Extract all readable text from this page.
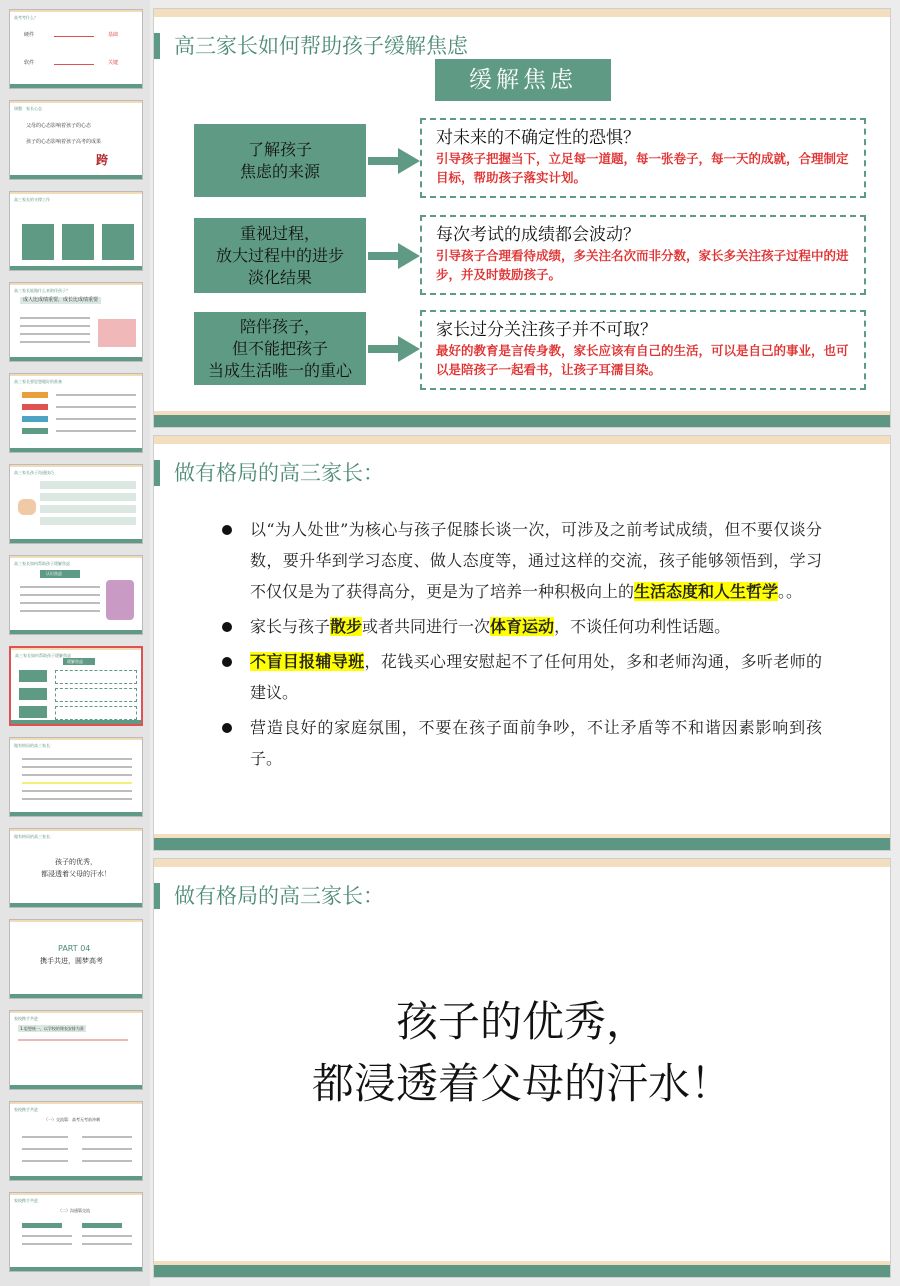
高考考什么？
硬件
软件
基础
关键
调整：家长心态
父母的心态影响着孩子的心态
孩子的心态影响着孩子高考的成果
跨
高三家长的支撑工作
高三家长能做什么来陪伴孩子？
成人比成绩重要，成长比成绩重要
高三家长要思想做好的准备
高三家长孩子沟通技巧
高三家长如何帮助孩子缓解焦虑
认识焦虑
高三家长如何帮助孩子缓解焦虑
缓解焦虑
做有格局的高三家长：
做有格局的高三家长：
孩子的优秀，
都浸透着父母的汗水！
PART 04
携手共进，圆梦高考
家校携手共进
1.思想统一，以学校的课表安排为准
家校携手共进
（一）交流篇：高考无考前冲刺
家校携手共进
（二）沟通篇交流
高三家长如何帮助孩子缓解焦虑
缓解焦虑
了解孩子
焦虑的来源
对未来的不确定性的恐惧？
引导孩子把握当下，立足每一道题，每一张卷子，每一天的成就，合理制定目标，帮助孩子落实计划。
重视过程，
放大过程中的进步
淡化结果
每次考试的成绩都会波动？
引导孩子合理看待成绩，多关注名次而非分数，家长多关注孩子过程中的进步，并及时鼓励孩子。
陪伴孩子，
但不能把孩子
当成生活唯一的重心
家长过分关注孩子并不可取？
最好的教育是言传身教，家长应该有自己的生活，可以是自己的事业，也可以是陪孩子一起看书，让孩子耳濡目染。
做有格局的高三家长：
以“为人处世”为核心与孩子促膝长谈一次，可涉及之前考试成绩，但不要仅谈分数，要升华到学习态度、做人态度等，通过这样的交流，孩子能够领悟到，学习不仅仅是为了获得高分，更是为了培养一种积极向上的生活态度和人生哲学。。
家长与孩子散步或者共同进行一次体育运动，不谈任何功利性话题。
不盲目报辅导班，花钱买心理安慰起不了任何用处，多和老师沟通，多听老师的建议。
营造良好的家庭氛围，不要在孩子面前争吵，不让矛盾等不和谐因素影响到孩子。
做有格局的高三家长：
孩子的优秀，
都浸透着父母的汗水！
